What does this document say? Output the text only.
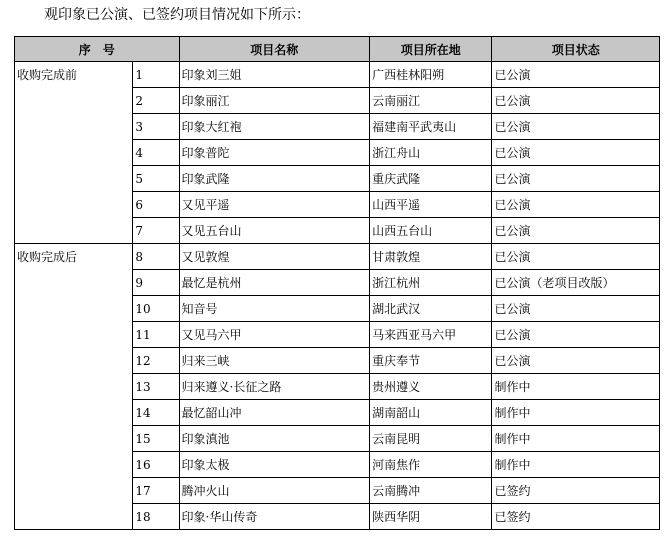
观印象已公演、已签约项目情况如下所示：
序　号		项目名称	项目所在地	项目状态
收购完成前	1	印象刘三姐	广西桂林阳朔	已公演
	2	印象丽江	云南丽江	已公演
	3	印象大红袍	福建南平武夷山	已公演
	4	印象普陀	浙江舟山	已公演
	5	印象武隆	重庆武隆	已公演
	6	又见平遥	山西平遥	已公演
	7	又见五台山	山西五台山	已公演
收购完成后	8	又见敦煌	甘肃敦煌	已公演
	9	最忆是杭州	浙江杭州	已公演（老项目改版）
	10	知音号	湖北武汉	已公演
	11	又见马六甲	马来西亚马六甲	已公演
	12	归来三峡	重庆奉节	已公演
	13	归来遵义·长征之路	贵州遵义	制作中
	14	最忆韶山冲	湖南韶山	制作中
	15	印象滇池	云南昆明	制作中
	16	印象太极	河南焦作	制作中
	17	腾冲火山	云南腾冲	已签约
	18	印象·华山传奇	陕西华阴	已签约
